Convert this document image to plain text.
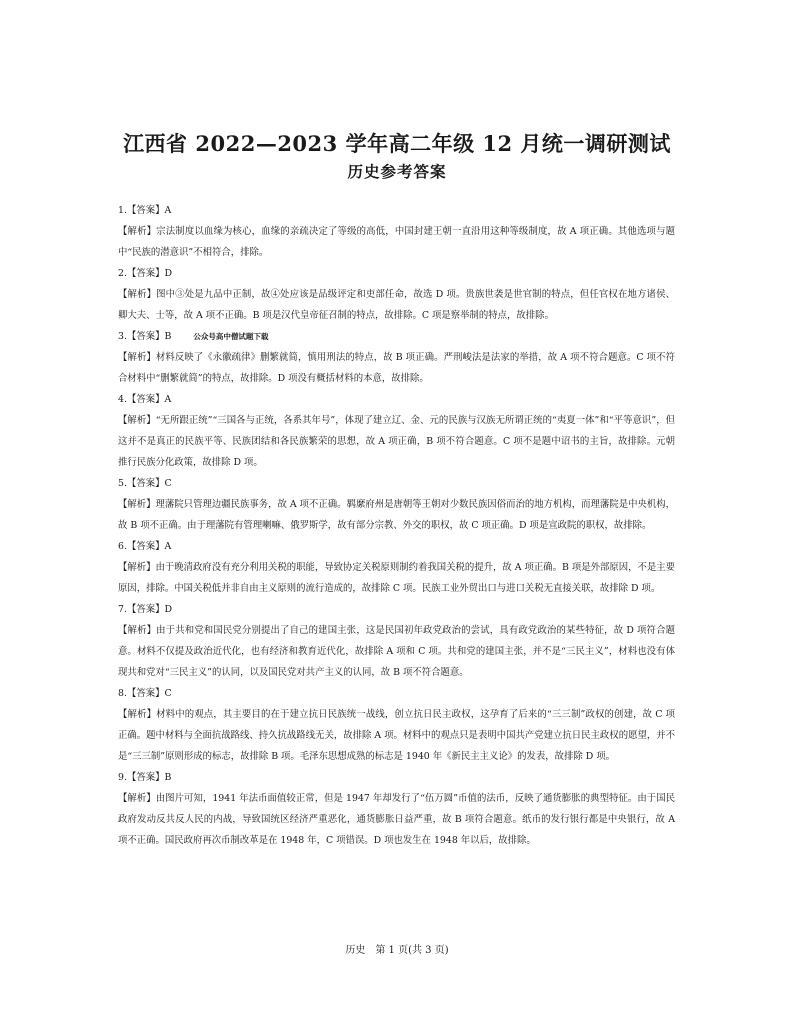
江西省 2022—2023 学年高二年级 12 月统一调研测试
历史参考答案
1.【答案】A
【解析】宗法制度以血缘为核心，血缘的亲疏决定了等级的高低，中国封建王朝一直沿用这种等级制度，故 A 项正确。其他选项与题中“民族的潜意识”不相符合，排除。
2.【答案】D
【解析】图中③处是九品中正制，故④处应该是品级评定和吏部任命，故选 D 项。贵族世袭是世官制的特点，但任官权在地方诸侯、卿大夫、士等，故 A 项不正确。B 项是汉代皇帝征召制的特点，故排除。C 项是察举制的特点，故排除。
3.【答案】B	公众号高中僧试题下载
【解析】材料反映了《永徽疏律》删繁就简，慎用刑法的特点，故 B 项正确。严刑峻法是法家的举措，故 A 项不符合题意。C 项不符合材料中“删繁就简”的特点，故排除。D 项没有概括材料的本意，故排除。
4.【答案】A
【解析】“无所跟正统”“三国各与正统，各系其年号”，体现了建立辽、金、元的民族与汉族无所谓正统的“夷夏一体”和“平等意识”，但这并不是真正的民族平等、民族团结和各民族繁荣的思想，故 A 项正确，B 项不符合题意。C 项不是题中诏书的主旨，故排除。元朝推行民族分化政策，故排除 D 项。
5.【答案】C
【解析】理藩院只管理边疆民族事务，故 A 项不正确。羁縻府州是唐朝等王朝对少数民族因俗而治的地方机构，而理藩院是中央机构，故 B 项不正确。由于理藩院有管理喇嘛、俄罗斯学，故有部分宗教、外交的职权，故 C 项正确。D 项是宣政院的职权，故排除。
6.【答案】A
【解析】由于晚清政府没有充分利用关税的职能，导致协定关税原则制约着我国关税的提升，故 A 项正确。B 项是外部原因，不是主要原因，排除。中国关税低并非自由主义原则的流行造成的，故排除 C 项。民族工业外贸出口与进口关税无直接关联，故排除 D 项。
7.【答案】D
【解析】由于共和党和国民党分别提出了自己的建国主张，这是民国初年政党政治的尝试，具有政党政治的某些特征，故 D 项符合题意。材料不仅提及政治近代化，也有经济和教育近代化，故排除 A 项和 C 项。共和党的建国主张，并不是“三民主义”，材料也没有体现共和党对“三民主义”的认同，以及国民党对共产主义的认同，故 B 项不符合题意。
8.【答案】C
【解析】材料中的观点，其主要目的在于建立抗日民族统一战线，创立抗日民主政权，这孕育了后来的“三三制”政权的创建，故 C 项正确。题中材料与全面抗战路线、持久抗战路线无关，故排除 A 项。材料中的观点只是表明中国共产党建立抗日民主政权的愿望，并不是“三三制”原则形成的标志，故排除 B 项。毛泽东思想成熟的标志是 1940 年《新民主主义论》的发表，故排除 D 项。
9.【答案】B
【解析】由图片可知，1941 年法币面值较正常，但是 1947 年却发行了“伍万圆”币值的法币，反映了通货膨胀的典型特征。由于国民政府发动反共反人民的内战，导致国统区经济严重恶化，通货膨胀日益严重，故 B 项符合题意。纸币的发行银行都是中央银行，故 A 项不正确。国民政府再次币制改革是在 1948 年，C 项错误。D 项也发生在 1948 年以后，故排除。
历史　第 1 页(共 3 页)
